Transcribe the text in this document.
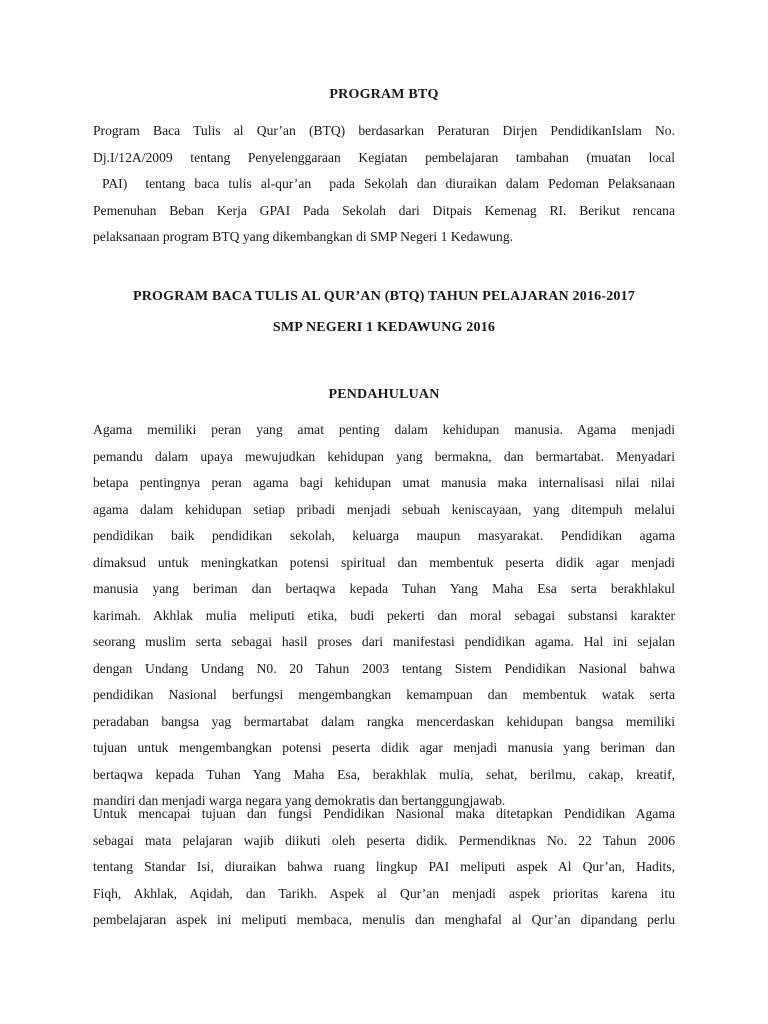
PROGRAM BTQ
Program Baca Tulis al Qur’an (BTQ) berdasarkan Peraturan Dirjen PendidikanIslam No.
Dj.I/12A/2009 tentang Penyelenggaraan Kegiatan pembelajaran tambahan (muatan local
PAI)  tentang baca tulis al-qur’an  pada Sekolah dan diuraikan dalam Pedoman Pelaksanaan
Pemenuhan Beban Kerja GPAI Pada Sekolah dari Ditpais Kemenag RI. Berikut rencana
pelaksanaan program BTQ yang dikembangkan di SMP Negeri 1 Kedawung.
PROGRAM BACA TULIS AL QUR’AN (BTQ) TAHUN PELAJARAN 2016-2017
SMP NEGERI 1 KEDAWUNG 2016
PENDAHULUAN
Agama memiliki peran yang amat penting dalam kehidupan manusia. Agama menjadi
pemandu dalam upaya mewujudkan kehidupan yang bermakna, dan bermartabat. Menyadari
betapa pentingnya peran agama bagi kehidupan umat manusia maka internalisasi nilai nilai
agama dalam kehidupan setiap pribadi menjadi sebuah keniscayaan, yang ditempuh melalui
pendidikan baik pendidikan sekolah, keluarga maupun masyarakat. Pendidikan agama
dimaksud untuk meningkatkan potensi spiritual dan membentuk peserta didik agar menjadi
manusia yang beriman dan bertaqwa kepada Tuhan Yang Maha Esa serta berakhlakul
karimah. Akhlak mulia meliputi etika, budi pekerti dan moral sebagai substansi karakter
seorang muslim serta sebagai hasil proses dari manifestasi pendidikan agama. Hal ini sejalan
dengan Undang Undang N0. 20 Tahun 2003 tentang Sistem Pendidikan Nasional bahwa
pendidikan Nasional berfungsi mengembangkan kemampuan dan membentuk watak serta
peradaban bangsa yag bermartabat dalam rangka mencerdaskan kehidupan bangsa memiliki
tujuan untuk mengembangkan potensi peserta didik agar menjadi manusia yang beriman dan
bertaqwa kepada Tuhan Yang Maha Esa, berakhlak mulia, sehat, berilmu, cakap, kreatif,
mandiri dan menjadi warga negara yang demokratis dan bertanggungjawab.
Untuk mencapai tujuan dan fungsi Pendidikan Nasional maka ditetapkan Pendidikan Agama
sebagai mata pelajaran wajib diikuti oleh peserta didik. Permendiknas No. 22 Tahun 2006
tentang Standar Isi, diuraikan bahwa ruang lingkup PAI meliputi aspek Al Qur’an, Hadits,
Fiqh, Akhlak, Aqidah, dan Tarikh. Aspek al Qur’an menjadi aspek prioritas karena itu
pembelajaran aspek ini meliputi membaca, menulis dan menghafal al Qur’an dipandang perlu
